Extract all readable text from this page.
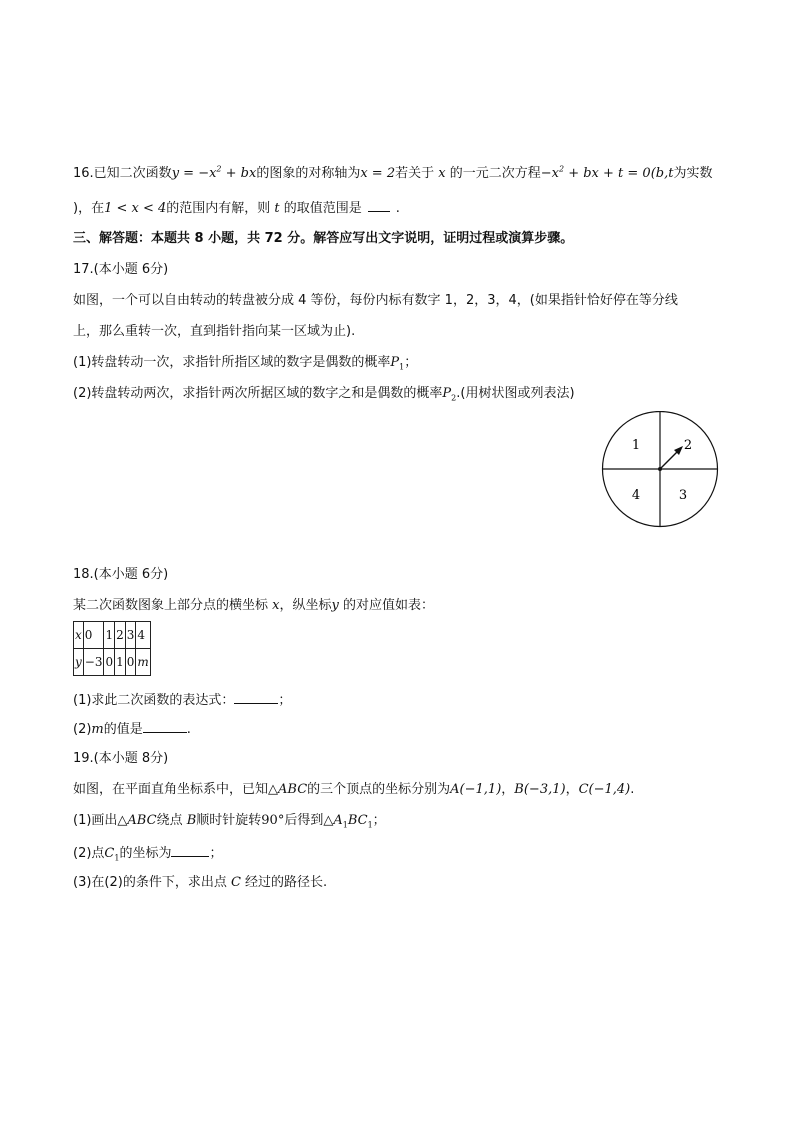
16.已知二次函数$y = -x^2$ + bx的图象的对称轴为x = 2若关于 x 的一元二次方程$-x^2$ + bx + t = 0(b,t为实数
)，在1 < x < 4的范围内有解，则 t 的取值范围是	.
三、解答题：本题共 8 小题，共 72 分。解答应写出文字说明，证明过程或演算步骤。
17.(本小题 6分)
如图，一个可以自由转动的转盘被分成 4 等份，每份内标有数字 1，2，3，4，(如果指针恰好停在等分线
上，那么重转一次，直到指针指向某一区域为止).
(1)转盘转动一次，求指针所指区域的数字是偶数的概率$P_1$；
(2)转盘转动两次，求指针两次所据区域的数字之和是偶数的概率$P_2$.(用树状图或列表法)
1	2
3
4
18.(本小题 6分)
某二次函数图象上部分点的横坐标 x，纵坐标y 的对应值如表：
x	0	1	2	3	4
y	−3	0	1	0	m
(1)求此二次函数的表达式：	；
(2)m的值是	.
19.(本小题 8分)
如图，在平面直角坐标系中，已知△ABC的三个顶点的坐标分别为A(−1,1)，B(−3,1)，C(−1,4).
(1)画出△ABC绕点 B顺时针旋转90°后得到$\triangle A_1BC_1$；
(2)点$C_1$的坐标为	；
(3)在(2)的条件下，求出点 C 经过的路径长.
